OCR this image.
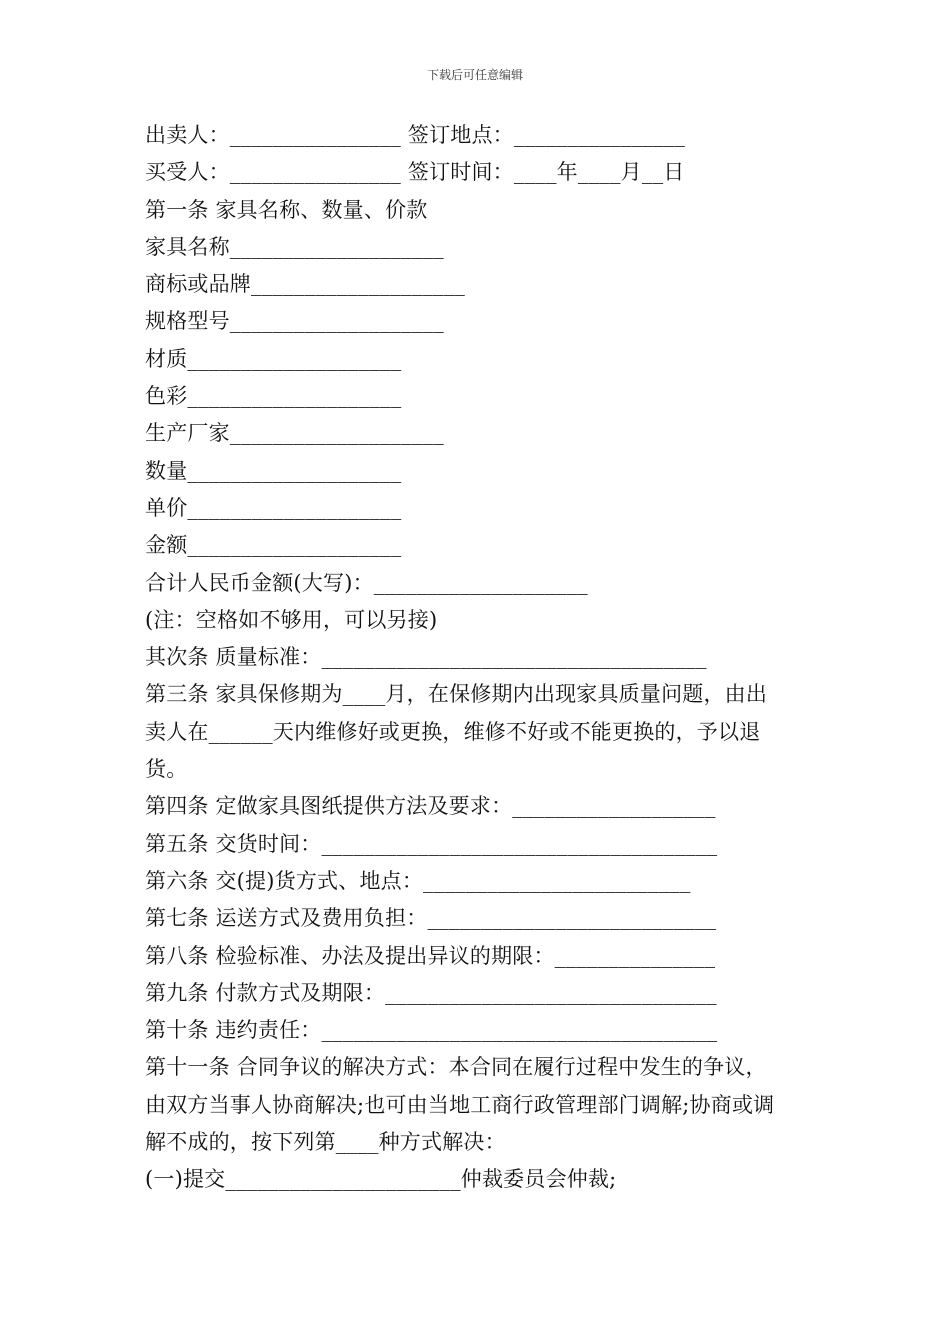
下载后可任意编辑
出卖人：________________ 签订地点：________________
买受人：________________ 签订时间：____年____月__日
第一条 家具名称、数量、价款
家具名称____________________
商标或品牌____________________
规格型号____________________
材质____________________
色彩____________________
生产厂家____________________
数量____________________
单价____________________
金额____________________
合计人民币金额(大写)：____________________
(注：空格如不够用，可以另接)
其次条 质量标准：____________________________________
第三条 家具保修期为____月，在保修期内出现家具质量问题，由出
卖人在______天内维修好或更换，维修不好或不能更换的，予以退
货。
第四条 定做家具图纸提供方法及要求：___________________
第五条 交货时间：_____________________________________
第六条 交(提)货方式、地点：_________________________
第七条 运送方式及费用负担：___________________________
第八条 检验标准、办法及提出异议的期限：_______________
第九条 付款方式及期限：_______________________________
第十条 违约责任：_____________________________________
第十一条 合同争议的解决方式：本合同在履行过程中发生的争议，
由双方当事人协商解决;也可由当地工商行政管理部门调解;协商或调
解不成的，按下列第____种方式解决：
(一)提交______________________仲裁委员会仲裁;
